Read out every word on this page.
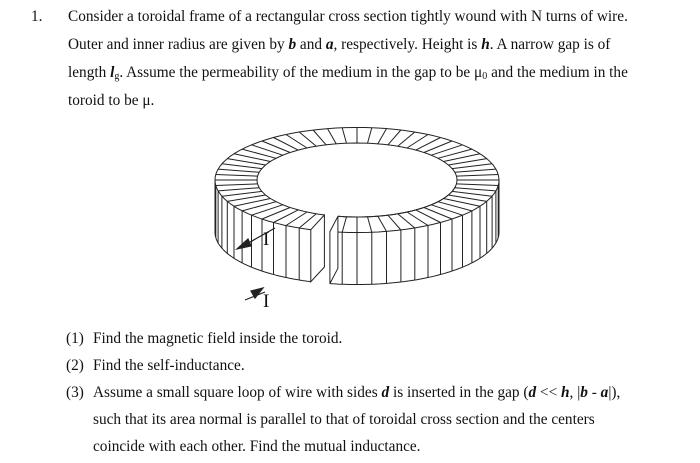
1. Consider a toroidal frame of a rectangular cross section tightly wound with N turns of wire.
Outer and inner radius are given by b and a, respectively. Height is h. A narrow gap is of
length $l_g$. Assume the permeability of the medium in the gap to be $\mu_0$ and the medium in the
toroid to be μ.
I
I
(1) Find the magnetic field inside the toroid.
(2) Find the self-inductance.
(3) Assume a small square loop of wire with sides d is inserted in the gap (d << h, |b - a|),
such that its area normal is parallel to that of toroidal cross section and the centers
coincide with each other. Find the mutual inductance.
